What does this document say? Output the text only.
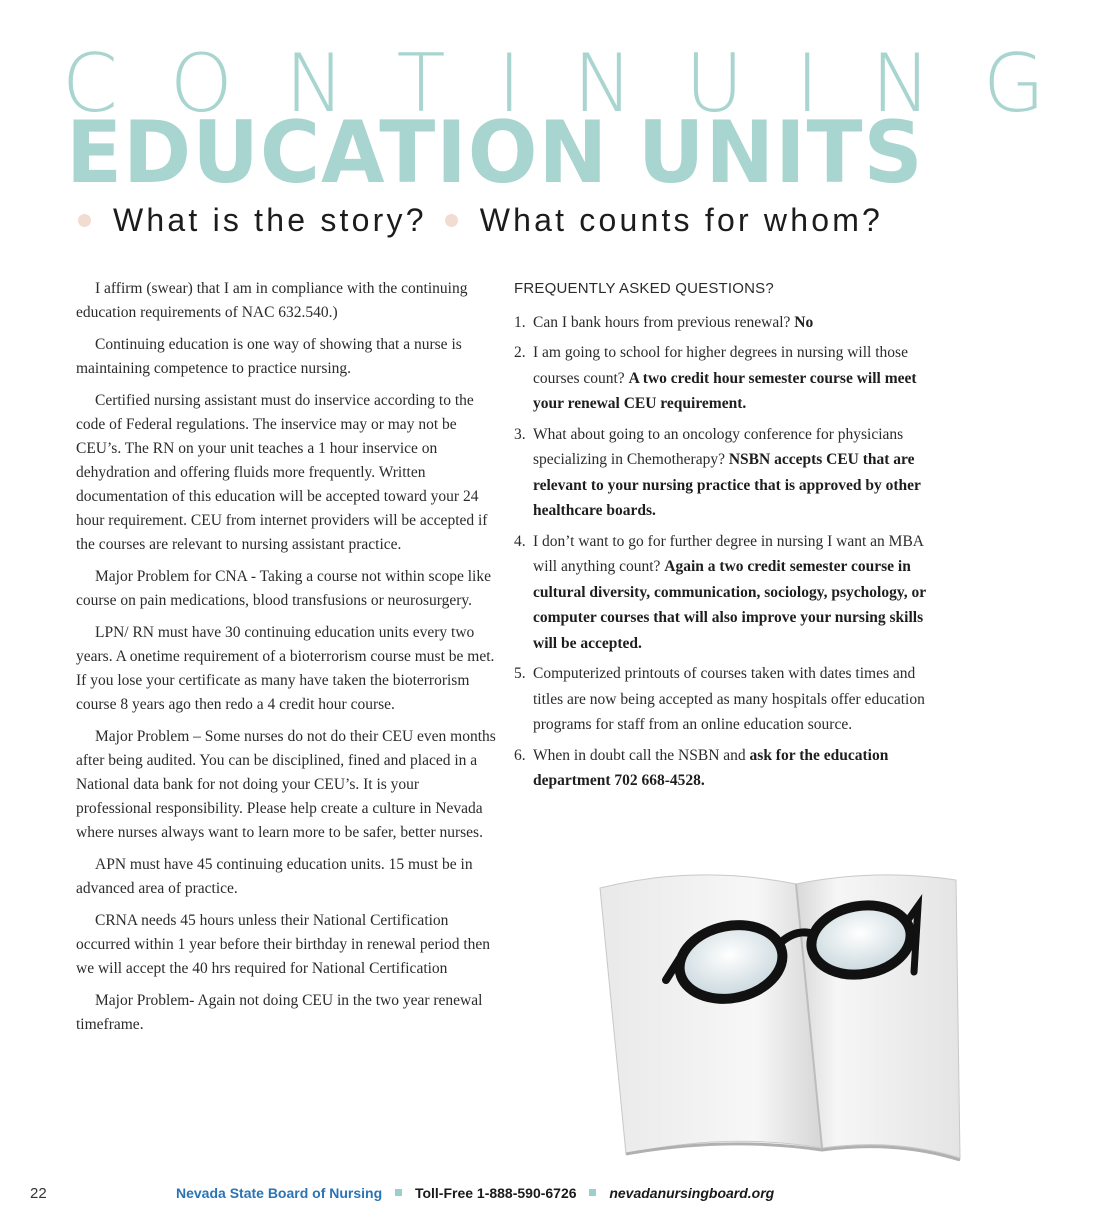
CONTINUING
EDUCATION UNITS
What is the story? What counts for whom?

I affirm (swear) that I am in compliance with the continuing education requirements of NAC 632.540.)

Continuing education is one way of showing that a nurse is maintaining competence to practice nursing.

Certified nursing assistant must do inservice according to the code of Federal regulations. The inservice may or may not be CEU’s. The RN on your unit teaches a 1 hour inservice on dehydration and offering fluids more frequently. Written documentation of this education will be accepted toward your 24 hour requirement. CEU from internet providers will be accepted if the courses are relevant to nursing assistant practice.

Major Problem for CNA - Taking a course not within scope like course on pain medications, blood transfusions or neurosurgery.

LPN/ RN must have 30 continuing education units every two years. A onetime requirement of a bioterrorism course must be met. If you lose your certificate as many have taken the bioterrorism course 8 years ago then redo a 4 credit hour course.

Major Problem – Some nurses do not do their CEU even months after being audited. You can be disciplined, fined and placed in a National data bank for not doing your CEU’s. It is your professional responsibility. Please help create a culture in Nevada where nurses always want to learn more to be safer, better nurses.

APN must have 45 continuing education units. 15 must be in advanced area of practice.

CRNA needs 45 hours unless their National Certification occurred within 1 year before their birthday in renewal period then we will accept the 40 hrs required for National Certification

Major Problem- Again not doing CEU in the two year renewal timeframe.

FREQUENTLY ASKED QUESTIONS?
1. Can I bank hours from previous renewal? No
2. I am going to school for higher degrees in nursing will those courses count? A two credit hour semester course will meet your renewal CEU requirement.
3. What about going to an oncology conference for physicians specializing in Chemotherapy? NSBN accepts CEU that are relevant to your nursing practice that is approved by other healthcare boards.
4. I don’t want to go for further degree in nursing I want an MBA will anything count? Again a two credit semester course in cultural diversity, communication, sociology, psychology, or computer courses that will also improve your nursing skills will be accepted.
5. Computerized printouts of courses taken with dates times and titles are now being accepted as many hospitals offer education programs for staff from an online education source.
6. When in doubt call the NSBN and ask for the education department 702 668-4528.
22	Nevada State Board of Nursing Toll-Free 1-888-590-6726 nevadanursingboard.org
